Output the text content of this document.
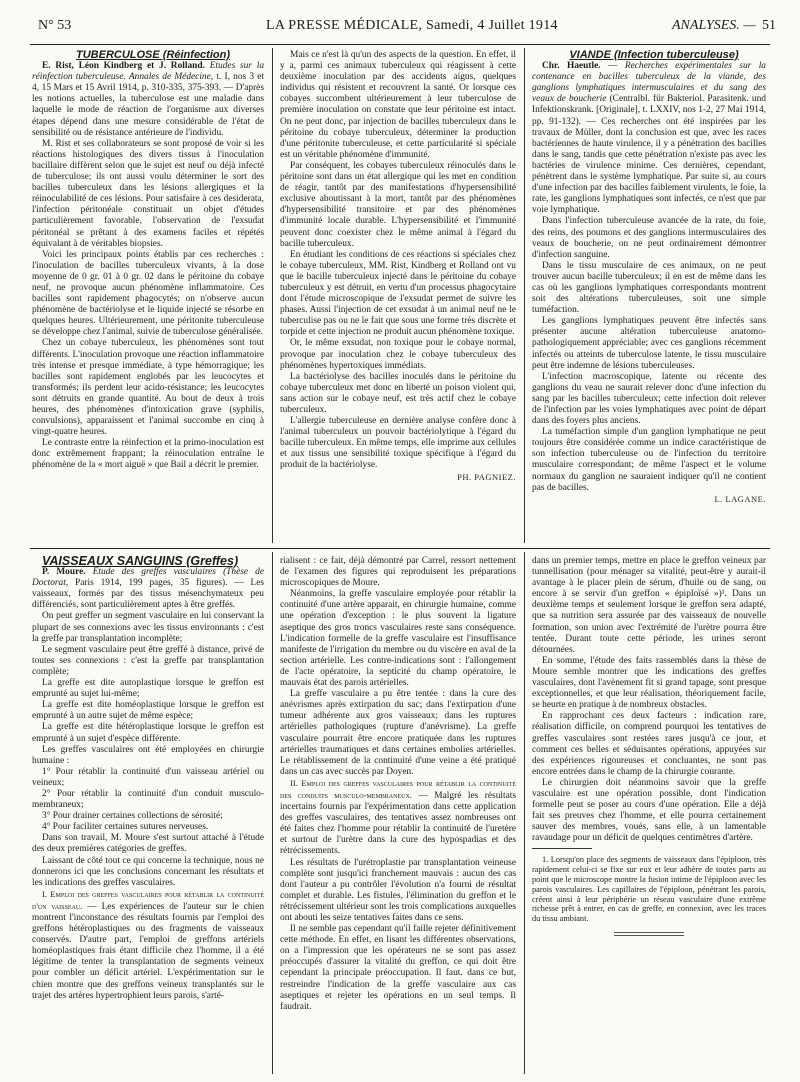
N° 53	LA PRESSE MÉDICALE, Samedi, 4 Juillet 1914	ANALYSES. — 51

TUBERCULOSE (Réinfection)

E. Rist, Léon Kindberg et J. Rolland. Etudes sur la réinfection tuberculeuse. Annales de Médecine, t. I, nos 3 et 4, 15 Mars et 15 Avril 1914, p. 310-335, 375-393. — D'après les notions actuelles, la tuberculose est une maladie dans laquelle le mode de réaction de l'organisme aux diverses étapes dépend dans une mesure considérable de l'état de sensibilité ou de résistance antérieure de l'individu.

M. Rist et ses collaborateurs se sont proposé de voir si les réactions histologiques des divers tissus à l'inoculation bacillaire diffèrent selon que le sujet est neuf ou déjà infecté de tuberculose; ils ont aussi voulu déterminer le sort des bacilles tuberculeux dans les lésions allergiques et la réinoculabilité de ces lésions. Pour satisfaire à ces desiderata, l'infection péritonéale constituait un objet d'études particulièrement favorable, l'observation de l'exsudat péritonéal se prêtant à des examens faciles et répétés équivalant à de véritables biopsies.

Voici les principaux points établis par ces recherches : l'inoculation de bacilles tuberculeux vivants, à la dose moyenne de 0 gr. 01 à 0 gr. 02 dans le péritoine du cobaye neuf, ne provoque aucun phénomène inflammatoire. Ces bacilles sont rapidement phagocytés; on n'observe aucun phénomène de bactériolyse et le liquide injecté se résorbe en quelques heures. Ultérieurement, une péritonite tuberculeuse se développe chez l'animal, suivie de tuberculose généralisée.

Chez un cobaye tuberculeux, les phénomènes sont tout différents. L'inoculation provoque une réaction inflammatoire très intense et presque immédiate, à type hémorragique; les bacilles sont rapidement englobés par les leucocytes et transformés; ils perdent leur acido-résistance; les leucocytes sont détruits en grande quantité. Au bout de deux à trois heures, des phénomènes d'intoxication grave (syphilis, convulsions), apparaissent et l'animal succombe en cinq à vingt-quatre heures.

Le contraste entre la réinfection et la primo-inoculation est donc extrêmement frappant; la réinoculation entraîne le phénomène de la « mort aiguë » que Bail a décrit le premier.

Mais ce n'est là qu'un des aspects de la question. En effet, il y a, parmi ces animaux tuberculeux qui réagissent à cette deuxième inoculation par des accidents aigus, quelques individus qui résistent et recouvrent la santé. Or lorsque ces cobayes succombent ultérieurement à leur tuberculose de première inoculation on constate que leur péritoine est intact. On ne peut donc, par injection de bacilles tuberculeux dans le péritoine du cobaye tuberculeux, déterminer la production d'une péritonite tuberculeuse, et cette particularité si spéciale est un véritable phénomène d'immunité.

Par conséquent, les cobayes tuberculeux réinoculés dans le péritoine sont dans un état allergique qui les met en condition de réagir, tantôt par des manifestations d'hypersensibilité exclusive aboutissant à la mort, tantôt par des phénomènes d'hypersensibilité transitoire et par des phénomènes d'immunité locale durable. L'hypersensibilité et l'immunité peuvent donc coexister chez le même animal à l'égard du bacille tuberculeux.

En étudiant les conditions de ces réactions si spéciales chez le cobaye tuberculeux, MM. Rist, Kindberg et Rolland ont vu que le bacille tuberculeux injecté dans le péritoine du cobaye tuberculeux y est détruit, en vertu d'un processus phagocytaire dont l'étude microscopique de l'exsudat permet de suivre les phases. Aussi l'injection de cet exsudat à un animal neuf ne le tuberculise pas ou ne le fait que sous une forme très discrète et torpide et cette injection ne produit aucun phénomène toxique.

Or, le même exsudat, non toxique pour le cobaye normal, provoque par inoculation chez le cobaye tuberculeux des phénomènes hypertoxiques immédiats.

La bactériolyse des bacilles inoculés dans le péritoine du cobaye tuberculeux met donc en liberté un poison violent qui, sans action sur le cobaye neuf, est très actif chez le cobaye tuberculeux.

L'allergie tuberculeuse en dernière analyse confère donc à l'animal tuberculeux un pouvoir bactériolytique à l'égard du bacille tuberculeux. En même temps, elle imprime aux cellules et aux tissus une sensibilité toxique spécifique à l'égard du produit de la bactériolyse.

PH. PAGNIEZ.

VIANDE (Infection tuberculeuse)

Chr. Haeutle. — Recherches expérimentales sur la contenance en bacilles tuberculeux de la viande, des ganglions lymphatiques intermusculaires et du sang des veaux de boucherie (Centralbl. für Bakteriol. Parasitenk. und Infektionskrank. [Originale], t. LXXIV, nos 1-2, 27 Mai 1914, pp. 91-132). — Ces recherches ont été inspirées par les travaux de Müller, dont la conclusion est que, avec les races bactériennes de haute virulence, il y a pénétration des bacilles dans le sang, tandis que cette pénétration n'existe pas avec les bactéries de virulence minime. Ces dernières, cependant, pénètrent dans le système lymphatique. Par suite si, au cours d'une infection par des bacilles faiblement virulents, le foie, la rate, les ganglions lymphatiques sont infectés, ce n'est que par voie lymphatique.

Dans l'infection tuberculeuse avancée de la rate, du foie, des reins, des poumons et des ganglions intermusculaires des veaux de boucherie, on ne peut ordinairement démontrer d'infection sanguine.

Dans le tissu musculaire de ces animaux, on ne peut trouver aucun bacille tuberculeux; il en est de même dans les cas où les ganglions lymphatiques correspondants montrent soit des altérations tuberculeuses, soit une simple tuméfaction.

Les ganglions lymphatiques peuvent être infectés sans présenter aucune altération tuberculeuse anatomo-pathologiquement appréciable; avec ces ganglions récemment infectés ou atteints de tuberculose latente, le tissu musculaire peut être indemne de lésions tuberculeuses.

L'infection macroscopique, latente ou récente des ganglions du veau ne saurait relever donc d'une infection du sang par les bacilles tuberculeux; cette infection doit relever de l'infection par les voies lymphatiques avec point de départ dans des foyers plus anciens.

La tuméfaction simple d'un ganglion lymphatique ne peut toujours être considérée comme un indice caractéristique de son infection tuberculeuse ou de l'infection du territoire musculaire correspondant; de même l'aspect et le volume normaux du ganglion ne sauraient indiquer qu'il ne contient pas de bacilles.

L. LAGANE.

VAISSEAUX SANGUINS (Greffes)

P. Moure. Étude des greffes vasculaires (Thèse de Doctorat, Paris 1914, 199 pages, 35 figures). — Les vaisseaux, formés par des tissus mésenchymateux peu différenciés, sont particulièrement aptes à être greffés.

On peut greffer un segment vasculaire en lui conservant la plupart de ses connexions avec les tissus environnants : c'est la greffe par transplantation incomplète;

Le segment vasculaire peut être greffé à distance, privé de toutes ses connexions : c'est la greffe par transplantation complète;

La greffe est dite autoplastique lorsque le greffon est emprunté au sujet lui-même;

La greffe est dite homéoplastique lorsque le greffon est emprunté à un autre sujet de même espèce;

La greffe est dite hétéroplastique lorsque le greffon est emprunté à un sujet d'espèce différente.

Les greffes vasculaires ont été employées en chirurgie humaine :

1° Pour rétablir la continuité d'un vaisseau artériel ou veineux;

2° Pour rétablir la continuité d'un conduit musculo-membraneux;

3° Pour drainer certaines collections de sérosité;

4° Pour faciliter certaines sutures nerveuses.

Dans son travail, M. Moure s'est surtout attaché à l'étude des deux premières catégories de greffes.

Laissant de côté tout ce qui concerne la technique, nous ne donnerons ici que les conclusions concernant les résultats et les indications des greffes vasculaires.

I. Emploi des greffes vasculaires pour rétablir la continuité d'un vaisseau. — Les expériences de l'auteur sur le chien montrent l'inconstance des résultats fournis par l'emploi des greffons hétéroplastiques ou des fragments de vaisseaux conservés. D'autre part, l'emploi de greffons artériels homéoplastiques frais étant difficile chez l'homme, il a été légitime de tenter la transplantation de segments veineux pour combler un déficit artériel. L'expérimentation sur le chien montre que des greffons veineux transplantés sur le trajet des artères hypertrophient leurs parois, s'arté-

rialisent : ce fait, déjà démontré par Carrel, ressort nettement de l'examen des figures qui reproduisent les préparations microscopiques de Moure.

Néanmoins, la greffe vasculaire employée pour rétablir la continuité d'une artère apparait, en chirurgie humaine, comme une opération d'exception : le plus souvent la ligature aseptique des gros troncs vasculaires reste sans conséquence. L'indication formelle de la greffe vasculaire est l'insuffisance manifeste de l'irrigation du membre ou du viscère en aval de la section artérielle. Les contre-indications sont : l'allongement de l'acte opératoire, la septicité du champ opératoire, le mauvais état des parois artérielles.

La greffe vasculaire a pu être tentée : dans la cure des anévrismes après extirpation du sac; dans l'extirpation d'une tumeur adhérente aux gros vaisseaux; dans les ruptures artérielles pathologiques (rupture d'anévrisme). La greffe vasculaire pourrait être encore pratiquée dans les ruptures artérielles traumatiques et dans certaines embolies artérielles. Le rétablissement de la continuité d'une veine a été pratiqué dans un cas avec succès par Doyen.

II. Emploi des greffes vasculaires pour rétablir la continuité des conduits musculo-membraneux. — Malgré les résultats incertains fournis par l'expérimentation dans cette application des greffes vasculaires, des tentatives assez nombreuses ont été faites chez l'homme pour rétablir la continuité de l'uretère et surtout de l'urètre dans la cure des hypospadias et des rétrécissements.

Les résultats de l'urétroplastie par transplantation veineuse complète sont jusqu'ici franchement mauvais : aucun des cas dont l'auteur a pu contrôler l'évolution n'a fourni de résultat complet et durable. Les fistules, l'élimination du greffon et le rétrécissement ultérieur sont les trois complications auxquelles ont abouti les seize tentatives faites dans ce sens.

Il ne semble pas cependant qu'il faille rejeter définitivement cette méthode. En effet, en lisant les différentes observations, on a l'impression que les opérateurs ne se sont pas assez préoccupés d'assurer la vitalité du greffon, ce qui doit être cependant la principale préoccupation. Il faut. dans ce but, restreindre l'indication de la greffe vasculaire aux cas aseptiques et rejeter les opérations en un seul temps. Il faudrait.

dans un premier temps, mettre en place le greffon veineux par tunnellisation (pour ménager sa vitalité, peut-être y aurait-il avantage à le placer plein de sérum, d'huile ou de sang, ou encore à se servir d'un greffon « épiploïsé »)¹. Dans un deuxième temps et seulement lorsque le greffon sera adapté, que sa nutrition sera assurée par des vaisseaux de nouvelle formation, son union avec l'extrémité de l'urètre pourra être tentée. Durant toute cette période, les urines seront détournées.

En somme, l'étude des faits rassemblés dans la thèse de Moure semble montrer que les indications des greffes vasculaires, dont l'avènement fit si grand tapage, sont presque exceptionnelles, et que leur réalisation, théoriquement facile, se heurte en pratique à de nombreux obstacles.

En rapprochant ces deux facteurs : indication rare, réalisation difficile, on comprend pourquoi les tentatives de greffes vasculaires sont restées rares jusqu'à ce jour, et comment ces belles et séduisantes opérations, appuyées sur des expériences rigoureuses et concluantes, ne sont pas encore entrées dans le champ de la chirurgie courante.

Le chirurgien doit néanmoins savoir que la greffe vasculaire est une opération possible, dont l'indication formelle peut se poser au cours d'une opération. Elle a déjà fait ses preuves chez l'homme, et elle pourra certainement sauver des membres, voués, sans elle, à un lamentable ravaudage pour un déficit de quelques centimètres d'artère.

1. Lorsqu'on place des segments de vaisseaux dans l'épiploon, très rapidement celui-ci se fixe sur eux et leur adhère de toutes parts au point que le microscope montre la fusion intime de l'épiploon avec les parois vasculaires. Les capillaires de l'épiploon, pénétrant les parois, créent ainsi à leur périphérie un réseau vasculaire d'une extrême richesse prêt à entrer, en cas de greffe, en connexion, avec les traces du tissu ambiant.
